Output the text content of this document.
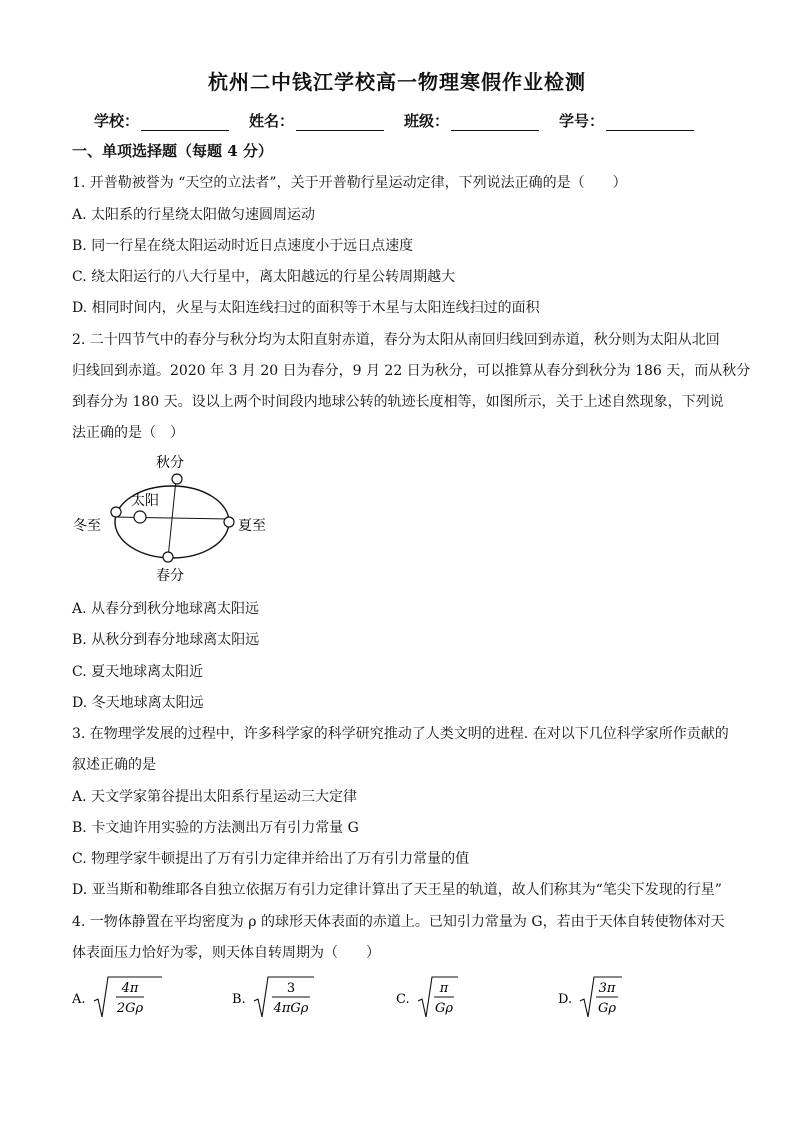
杭州二中钱江学校高一物理寒假作业检测
学校：	姓名：	班级：	学号：
一、单项选择题（每题 4 分）
1. 开普勒被誉为 “天空的立法者”，关于开普勒行星运动定律，下列说法正确的是（　　）
A. 太阳系的行星绕太阳做匀速圆周运动
B. 同一行星在绕太阳运动时近日点速度小于远日点速度
C. 绕太阳运行的八大行星中，离太阳越远的行星公转周期越大
D. 相同时间内，火星与太阳连线扫过的面积等于木星与太阳连线扫过的面积
2. 二十四节气中的春分与秋分均为太阳直射赤道，春分为太阳从南回归线回到赤道，秋分则为太阳从北回
归线回到赤道。2020 年 3 月 20 日为春分，9 月 22 日为秋分，可以推算从春分到秋分为 186 天，而从秋分
到春分为 180 天。设以上两个时间段内地球公转的轨迹长度相等，如图所示，关于上述自然现象，下列说
法正确的是（　）
秋分
太阳
冬至	夏至
春分
A. 从春分到秋分地球离太阳远
B. 从秋分到春分地球离太阳远
C. 夏天地球离太阳近
D. 冬天地球离太阳远
3. 在物理学发展的过程中，许多科学家的科学研究推动了人类文明的进程. 在对以下几位科学家所作贡献的
叙述正确的是
A. 天文学家第谷提出太阳系行星运动三大定律
B. 卡文迪许用实验的方法测出万有引力常量 G
C. 物理学家牛顿提出了万有引力定律并给出了万有引力常量的值
D. 亚当斯和勒维耶各自独立依据万有引力定律计算出了天王星的轨道，故人们称其为“笔尖下发现的行星”
4. 一物体静置在平均密度为 ρ 的球形天体表面的赤道上。已知引力常量为 G，若由于天体自转使物体对天
体表面压力恰好为零，则天体自转周期为（　　）
A.
4π
2Gρ
B.
3
4πGρ
C.
π
Gρ
D.
3π
Gρ
